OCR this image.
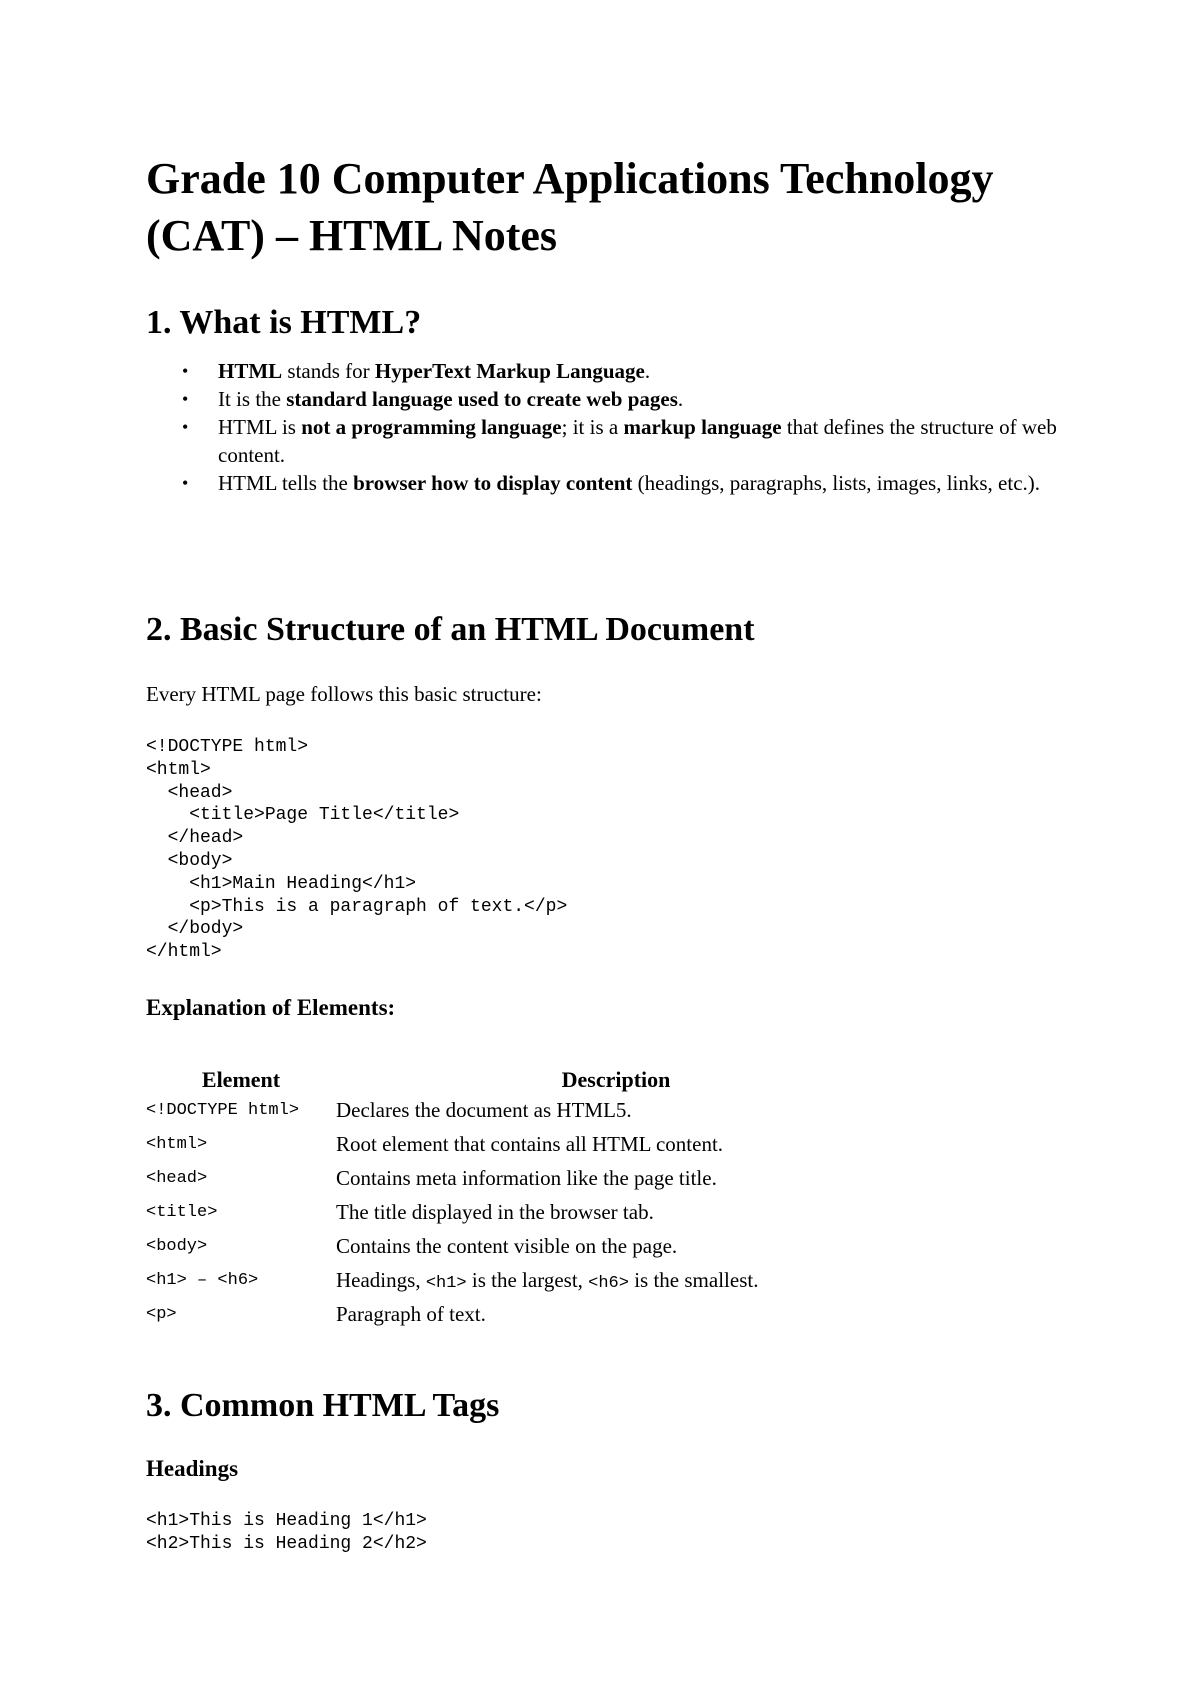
Grade 10 Computer Applications Technology (CAT) – HTML Notes
1. What is HTML?
• HTML stands for HyperText Markup Language.
• It is the standard language used to create web pages.
• HTML is not a programming language; it is a markup language that defines the structure of web content.
• HTML tells the browser how to display content (headings, paragraphs, lists, images, links, etc.).
2. Basic Structure of an HTML Document

Every HTML page follows this basic structure:

<!DOCTYPE html>
<html>
<head>
<title>Page Title</title>
</head>
<body>
<h1>Main Heading</h1>
<p>This is a paragraph of text.</p>
</body>
</html>
Explanation of Elements:
Element	Description
<!DOCTYPE html>	Declares the document as HTML5.
<html>	Root element that contains all HTML content.
<head>	Contains meta information like the page title.
<title>	The title displayed in the browser tab.
<body>	Contains the content visible on the page.
<h1> – <h6>	Headings, <h1> is the largest, <h6> is the smallest.
<p>	Paragraph of text.
3. Common HTML Tags
Headings
<h1>This is Heading 1</h1>
<h2>This is Heading 2</h2>
